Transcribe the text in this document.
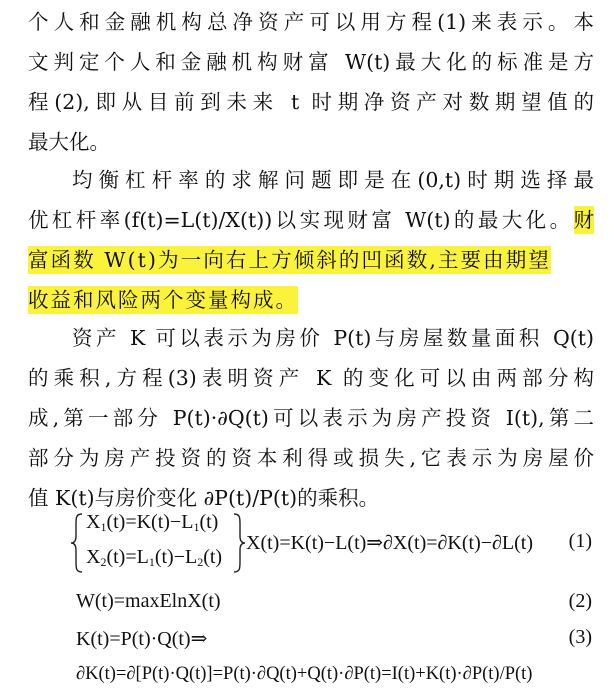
个人和金融机构总净资产可以用方程(1)来表示。本
文判定个人和金融机构财富 W(t)最大化的标准是方
程(2),即从目前到未来 t 时期净资产对数期望值的
最大化。
均衡杠杆率的求解问题即是在(0,t)时期选择最
优杠杆率(f(t)=L(t)/X(t))以实现财富 W(t)的最大化。财
富函数 W(t)为一向右上方倾斜的凹函数,主要由期望
收益和风险两个变量构成。
资产 K 可以表示为房价 P(t)与房屋数量面积 Q(t)
的乘积,方程(3)表明资产 K 的变化可以由两部分构
成,第一部分 P(t)·∂Q(t)可以表示为房产投资 I(t),第二
部分为房产投资的资本利得或损失,它表示为房屋价
值 K(t)与房价变化 ∂P(t)/P(t)的乘积。
$X_1(t)=K(t)-L_1(t)$
$X_2(t)=L_1(t)-L_2(t)$
X(t)=K(t)−L(t)⇒∂X(t)=∂K(t)−∂L(t) (1)
W(t)=maxElnX(t)	(2)
K(t)=P(t)·Q(t)⇒	(3)
∂K(t)=∂[P(t)·Q(t)]=P(t)·∂Q(t)+Q(t)·∂P(t)=I(t)+K(t)·∂P(t)/P(t)
